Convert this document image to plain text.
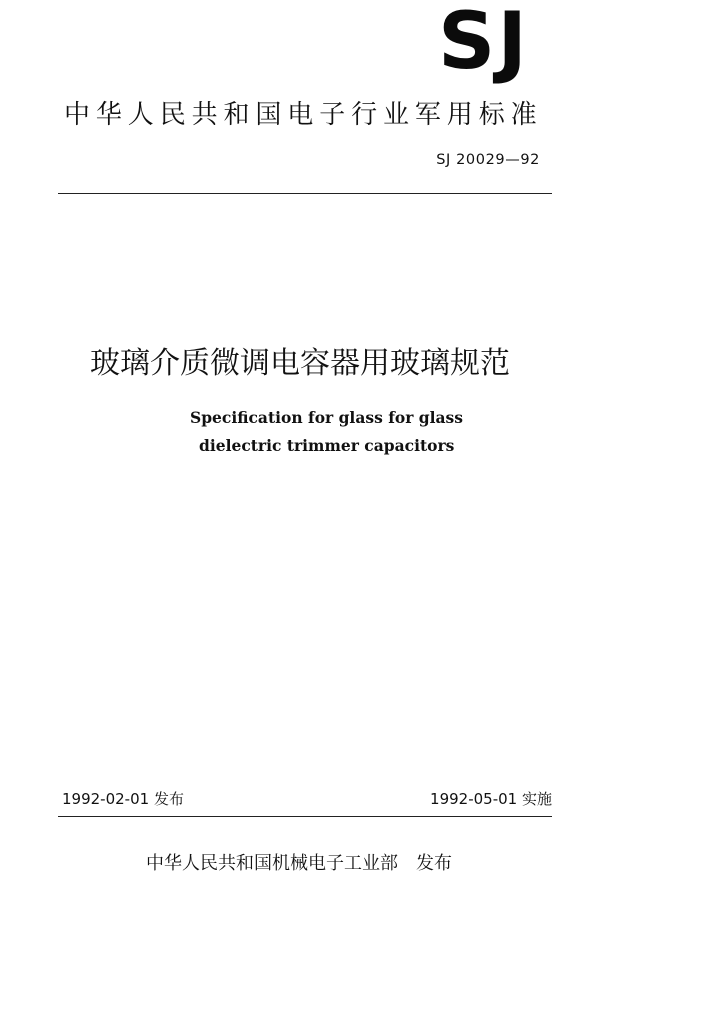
SJ
中华人民共和国电子行业军用标准
SJ 20029—92
玻璃介质微调电容器用玻璃规范
Specification for glass for glass
dielectric trimmer capacitors
1992-02-01 发布	1992-05-01 实施
中华人民共和国机械电子工业部 发布
